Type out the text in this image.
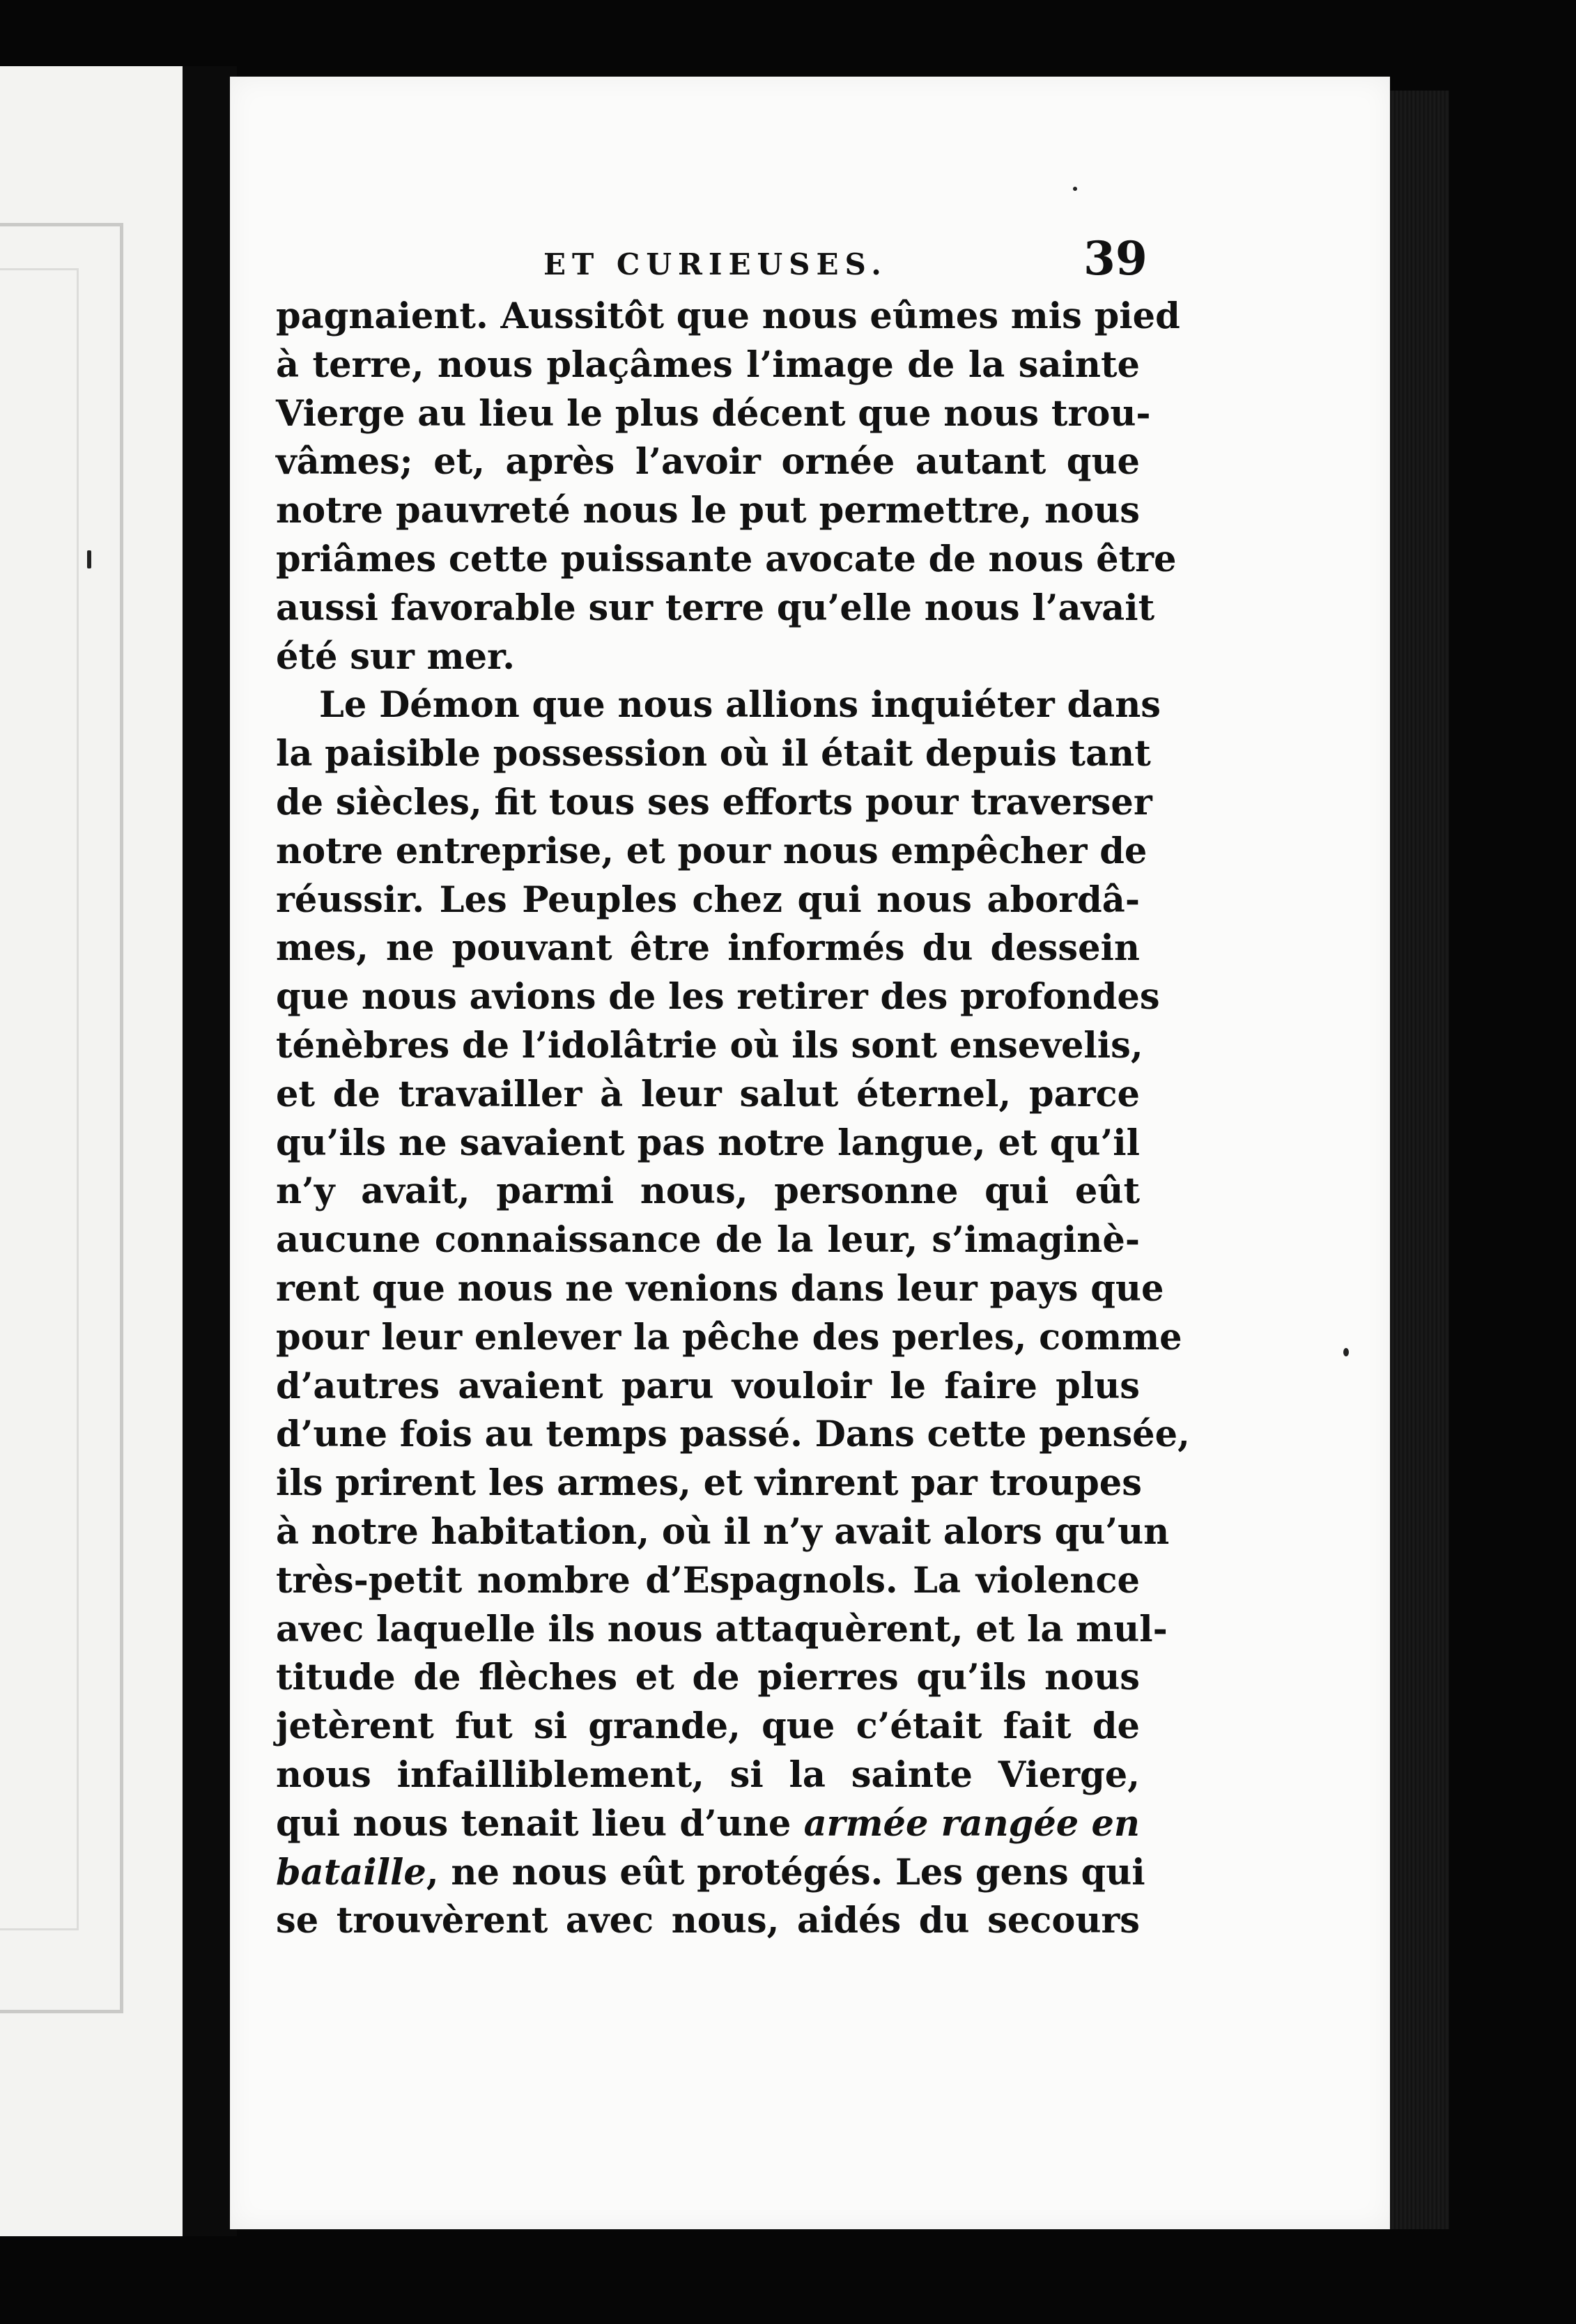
ET CURIEUSES.	39
pagnaient. Aussitôt que nous eûmes mis pied
à terre, nous plaçâmes l’image de la sainte
Vierge au lieu le plus décent que nous trou-
vâmes; et, après l’avoir ornée autant que
notre pauvreté nous le put permettre, nous
priâmes cette puissante avocate de nous être
aussi favorable sur terre qu’elle nous l’avait
été sur mer.
Le Démon que nous allions inquiéter dans
la paisible possession où il était depuis tant
de siècles, fit tous ses efforts pour traverser
notre entreprise, et pour nous empêcher de
réussir. Les Peuples chez qui nous abordâ-
mes, ne pouvant être informés du dessein
que nous avions de les retirer des profondes
ténèbres de l’idolâtrie où ils sont ensevelis,
et de travailler à leur salut éternel, parce
qu’ils ne savaient pas notre langue, et qu’il
n’y avait, parmi nous, personne qui eût
aucune connaissance de la leur, s’imaginè-
rent que nous ne venions dans leur pays que
pour leur enlever la pêche des perles, comme
d’autres avaient paru vouloir le faire plus
d’une fois au temps passé. Dans cette pensée,
ils prirent les armes, et vinrent par troupes
à notre habitation, où il n’y avait alors qu’un
très-petit nombre d’Espagnols. La violence
avec laquelle ils nous attaquèrent, et la mul-
titude de flèches et de pierres qu’ils nous
jetèrent fut si grande, que c’était fait de
nous infailliblement, si la sainte Vierge,
qui nous tenait lieu d’une armée rangée en
bataille, ne nous eût protégés. Les gens qui
se trouvèrent avec nous, aidés du secours
